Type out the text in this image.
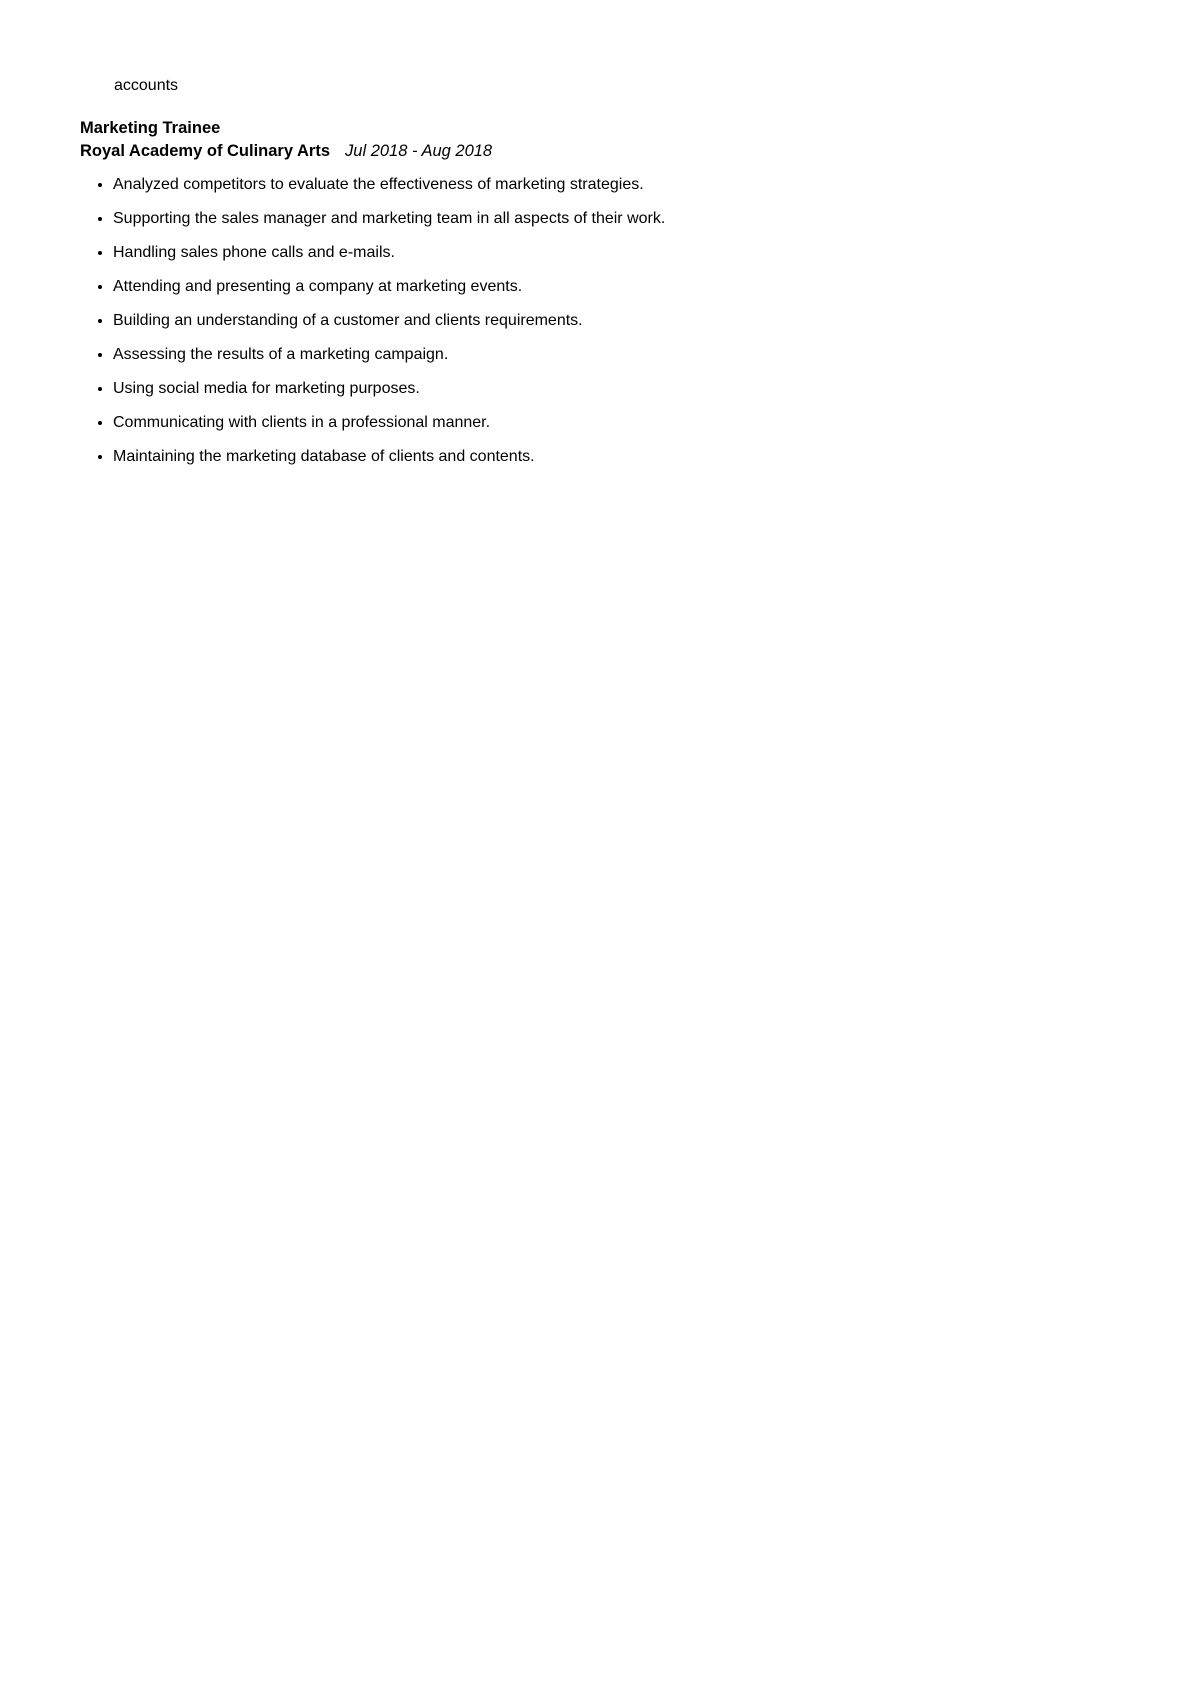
accounts
Marketing Trainee
Royal Academy of Culinary Arts Jul 2018 - Aug 2018
• Analyzed competitors to evaluate the effectiveness of marketing strategies.
• Supporting the sales manager and marketing team in all aspects of their work.
• Handling sales phone calls and e-mails.
• Attending and presenting a company at marketing events.
• Building an understanding of a customer and clients requirements.
• Assessing the results of a marketing campaign.
• Using social media for marketing purposes.
• Communicating with clients in a professional manner.
• Maintaining the marketing database of clients and contents.
